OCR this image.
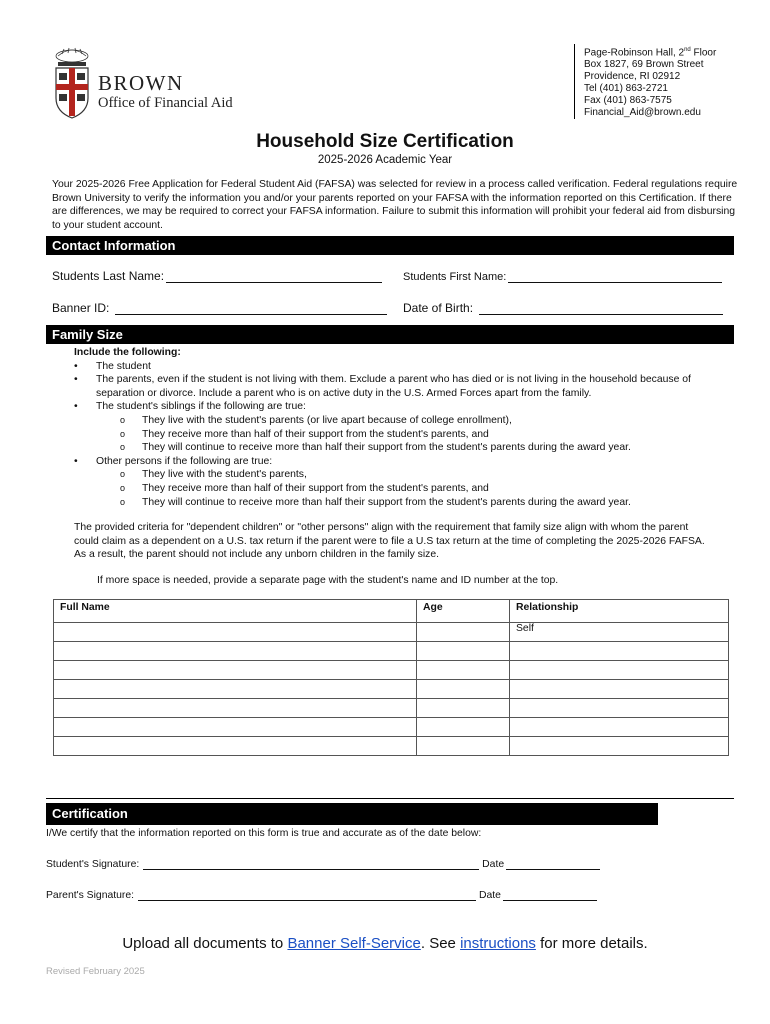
BROWN
Office of Financial Aid
Page-Robinson Hall, 2nd Floor
Box 1827, 69 Brown Street
Providence, RI 02912
Tel (401) 863-2721
Fax (401) 863-7575
Financial_Aid@brown.edu
Household Size Certification
2025-2026 Academic Year
Your 2025-2026 Free Application for Federal Student Aid (FAFSA) was selected for review in a process called verification. Federal regulations require Brown University to verify the information you and/or your parents reported on your FAFSA with the information reported on this Certification. If there are differences, we may be required to correct your FAFSA information. Failure to submit this information will prohibit your federal aid from disbursing to your student account.
Contact Information
Students Last Name:	Students First Name:
Banner ID:	Date of Birth:
Family Size
Include the following:
• The student
• The parents, even if the student is not living with them. Exclude a parent who has died or is not living in the household because of separation or divorce. Include a parent who is on active duty in the U.S. Armed Forces apart from the family.
• The student's siblings if the following are true:
o They live with the student's parents (or live apart because of college enrollment),
o They receive more than half of their support from the student's parents, and
o They will continue to receive more than half their support from the student's parents during the award year.
• Other persons if the following are true:
o They live with the student's parents,
o They receive more than half of their support from the student's parents, and
o They will continue to receive more than half their support from the student's parents during the award year.
The provided criteria for "dependent children" or "other persons" align with the requirement that family size align with whom the parent could claim as a dependent on a U.S. tax return if the parent were to file a U.S tax return at the time of completing the 2025-2026 FAFSA. As a result, the parent should not include any unborn children in the family size.
If more space is needed, provide a separate page with the student's name and ID number at the top.
Full Name	Age	Relationship
		Self

Certification
I/We certify that the information reported on this form is true and accurate as of the date below:
Student's Signature:	Date
Parent's Signature:	Date
Upload all documents to Banner Self-Service. See instructions for more details.
Revised February 2025
